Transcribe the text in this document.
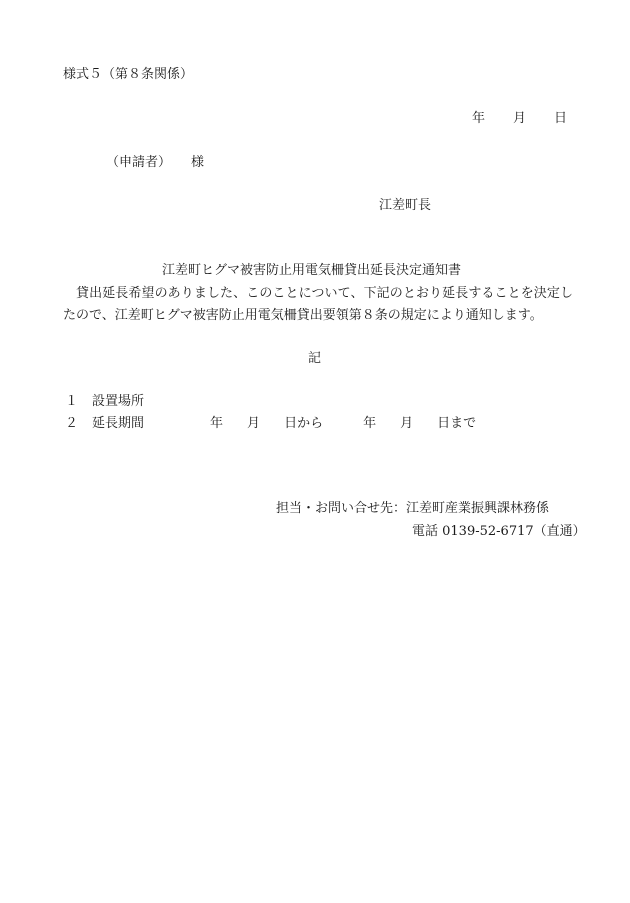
様式５（第８条関係）
年 月 日
（申請者） 様
江差町長
江差町ヒグマ被害防止用電気柵貸出延長決定通知書

貸出延長希望のありました、このことについて、下記のとおり延長することを決定したので、江差町ヒグマ被害防止用電気柵貸出要領第８条の規定により通知します。

記
１ 設置場所
２ 延長期間	年 月 日から	年 月 日まで
担当・お問い合せ先：江差町産業振興課林務係
電話 0139-52-6717（直通）
